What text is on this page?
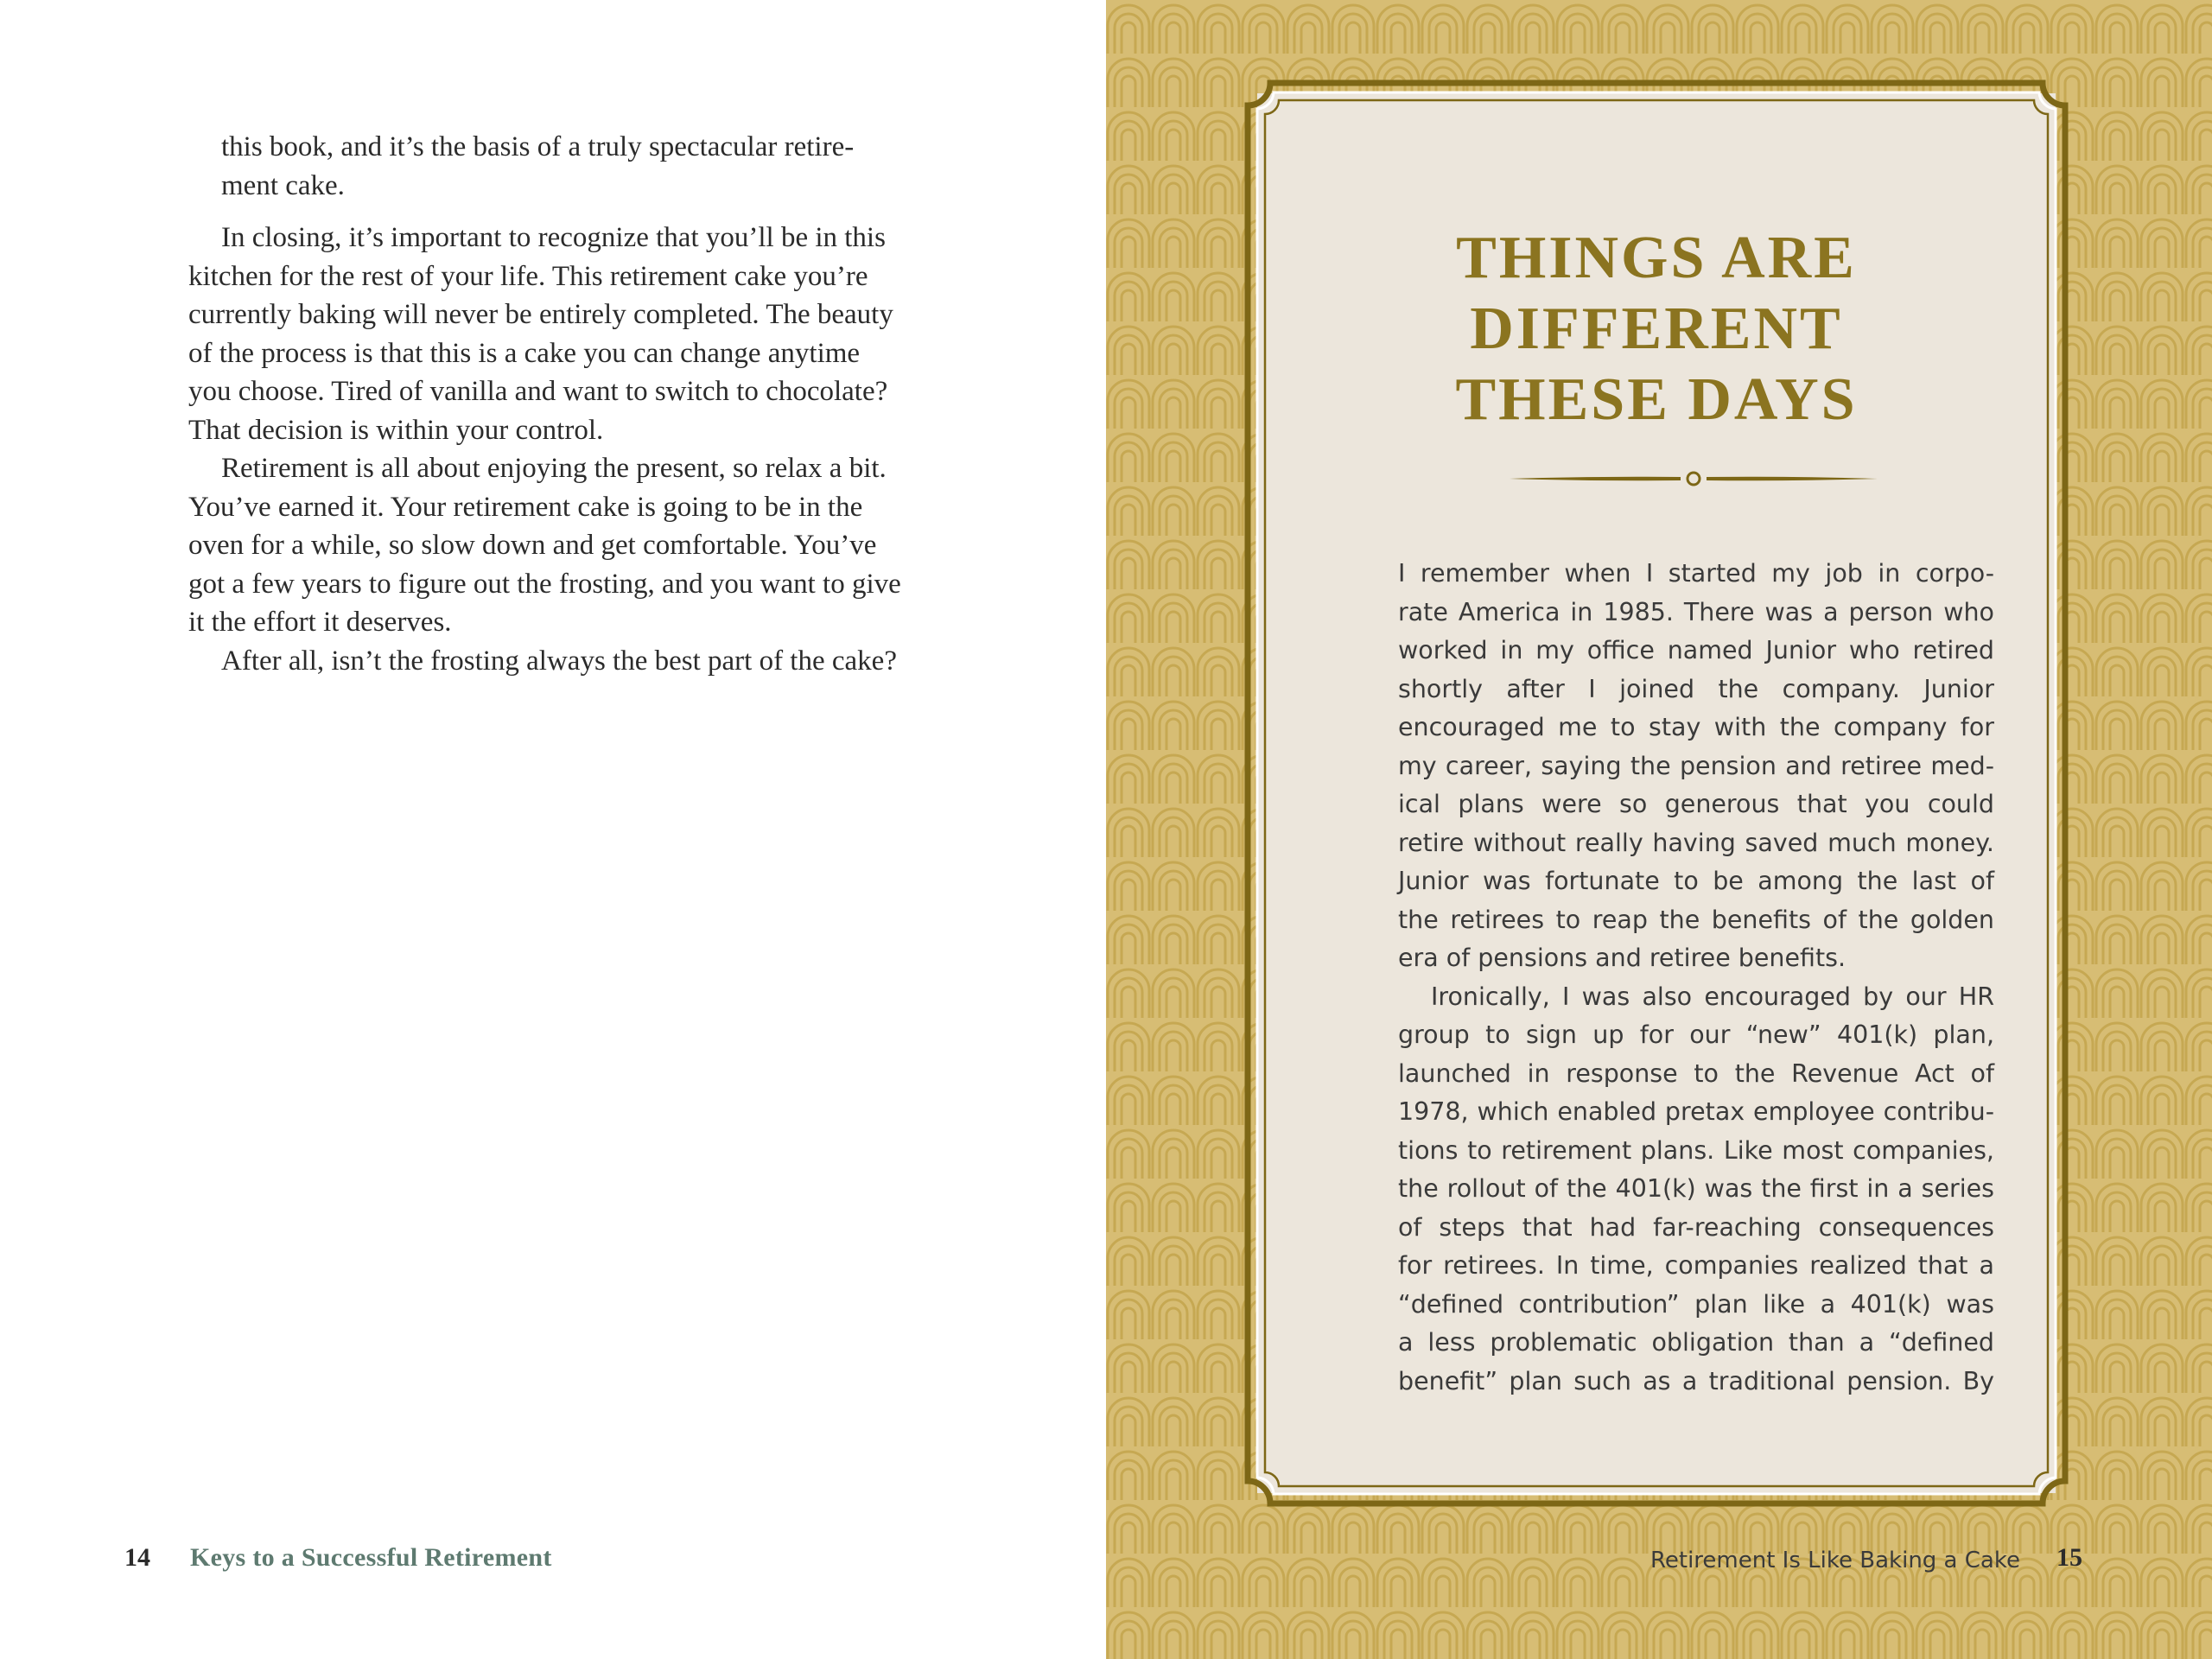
this book, and it’s the basis of a truly spectacular retire-
ment cake.

In closing, it’s important to recognize that you’ll be in this
kitchen for the rest of your life. This retirement cake you’re
currently baking will never be entirely completed. The beauty
of the process is that this is a cake you can change anytime
you choose. Tired of vanilla and want to switch to chocolate?
That decision is within your control.

Retirement is all about enjoying the present, so relax a bit.
You’ve earned it. Your retirement cake is going to be in the
oven for a while, so slow down and get comfortable. You’ve
got a few years to figure out the frosting, and you want to give
it the effort it deserves.

After all, isn’t the frosting always the best part of the cake?

14 Keys to a Successful Retirement
THINGS ARE
DIFFERENT
THESE DAYS
I remember when I started my job in corpo-
rate America in 1985. There was a person who
worked in my office named Junior who retired
shortly after I joined the company. Junior
encouraged me to stay with the company for
my career, saying the pension and retiree med-
ical plans were so generous that you could
retire without really having saved much money.
Junior was fortunate to be among the last of
the retirees to reap the benefits of the golden
era of pensions and retiree benefits.
Ironically, I was also encouraged by our HR
group to sign up for our “new” 401(k) plan,
launched in response to the Revenue Act of
1978, which enabled pretax employee contribu-
tions to retirement plans. Like most companies,
the rollout of the 401(k) was the first in a series
of steps that had far-reaching consequences
for retirees. In time, companies realized that a
“defined contribution” plan like a 401(k) was
a less problematic obligation than a “defined
benefit” plan such as a traditional pension. By
Retirement Is Like Baking a Cake 15
